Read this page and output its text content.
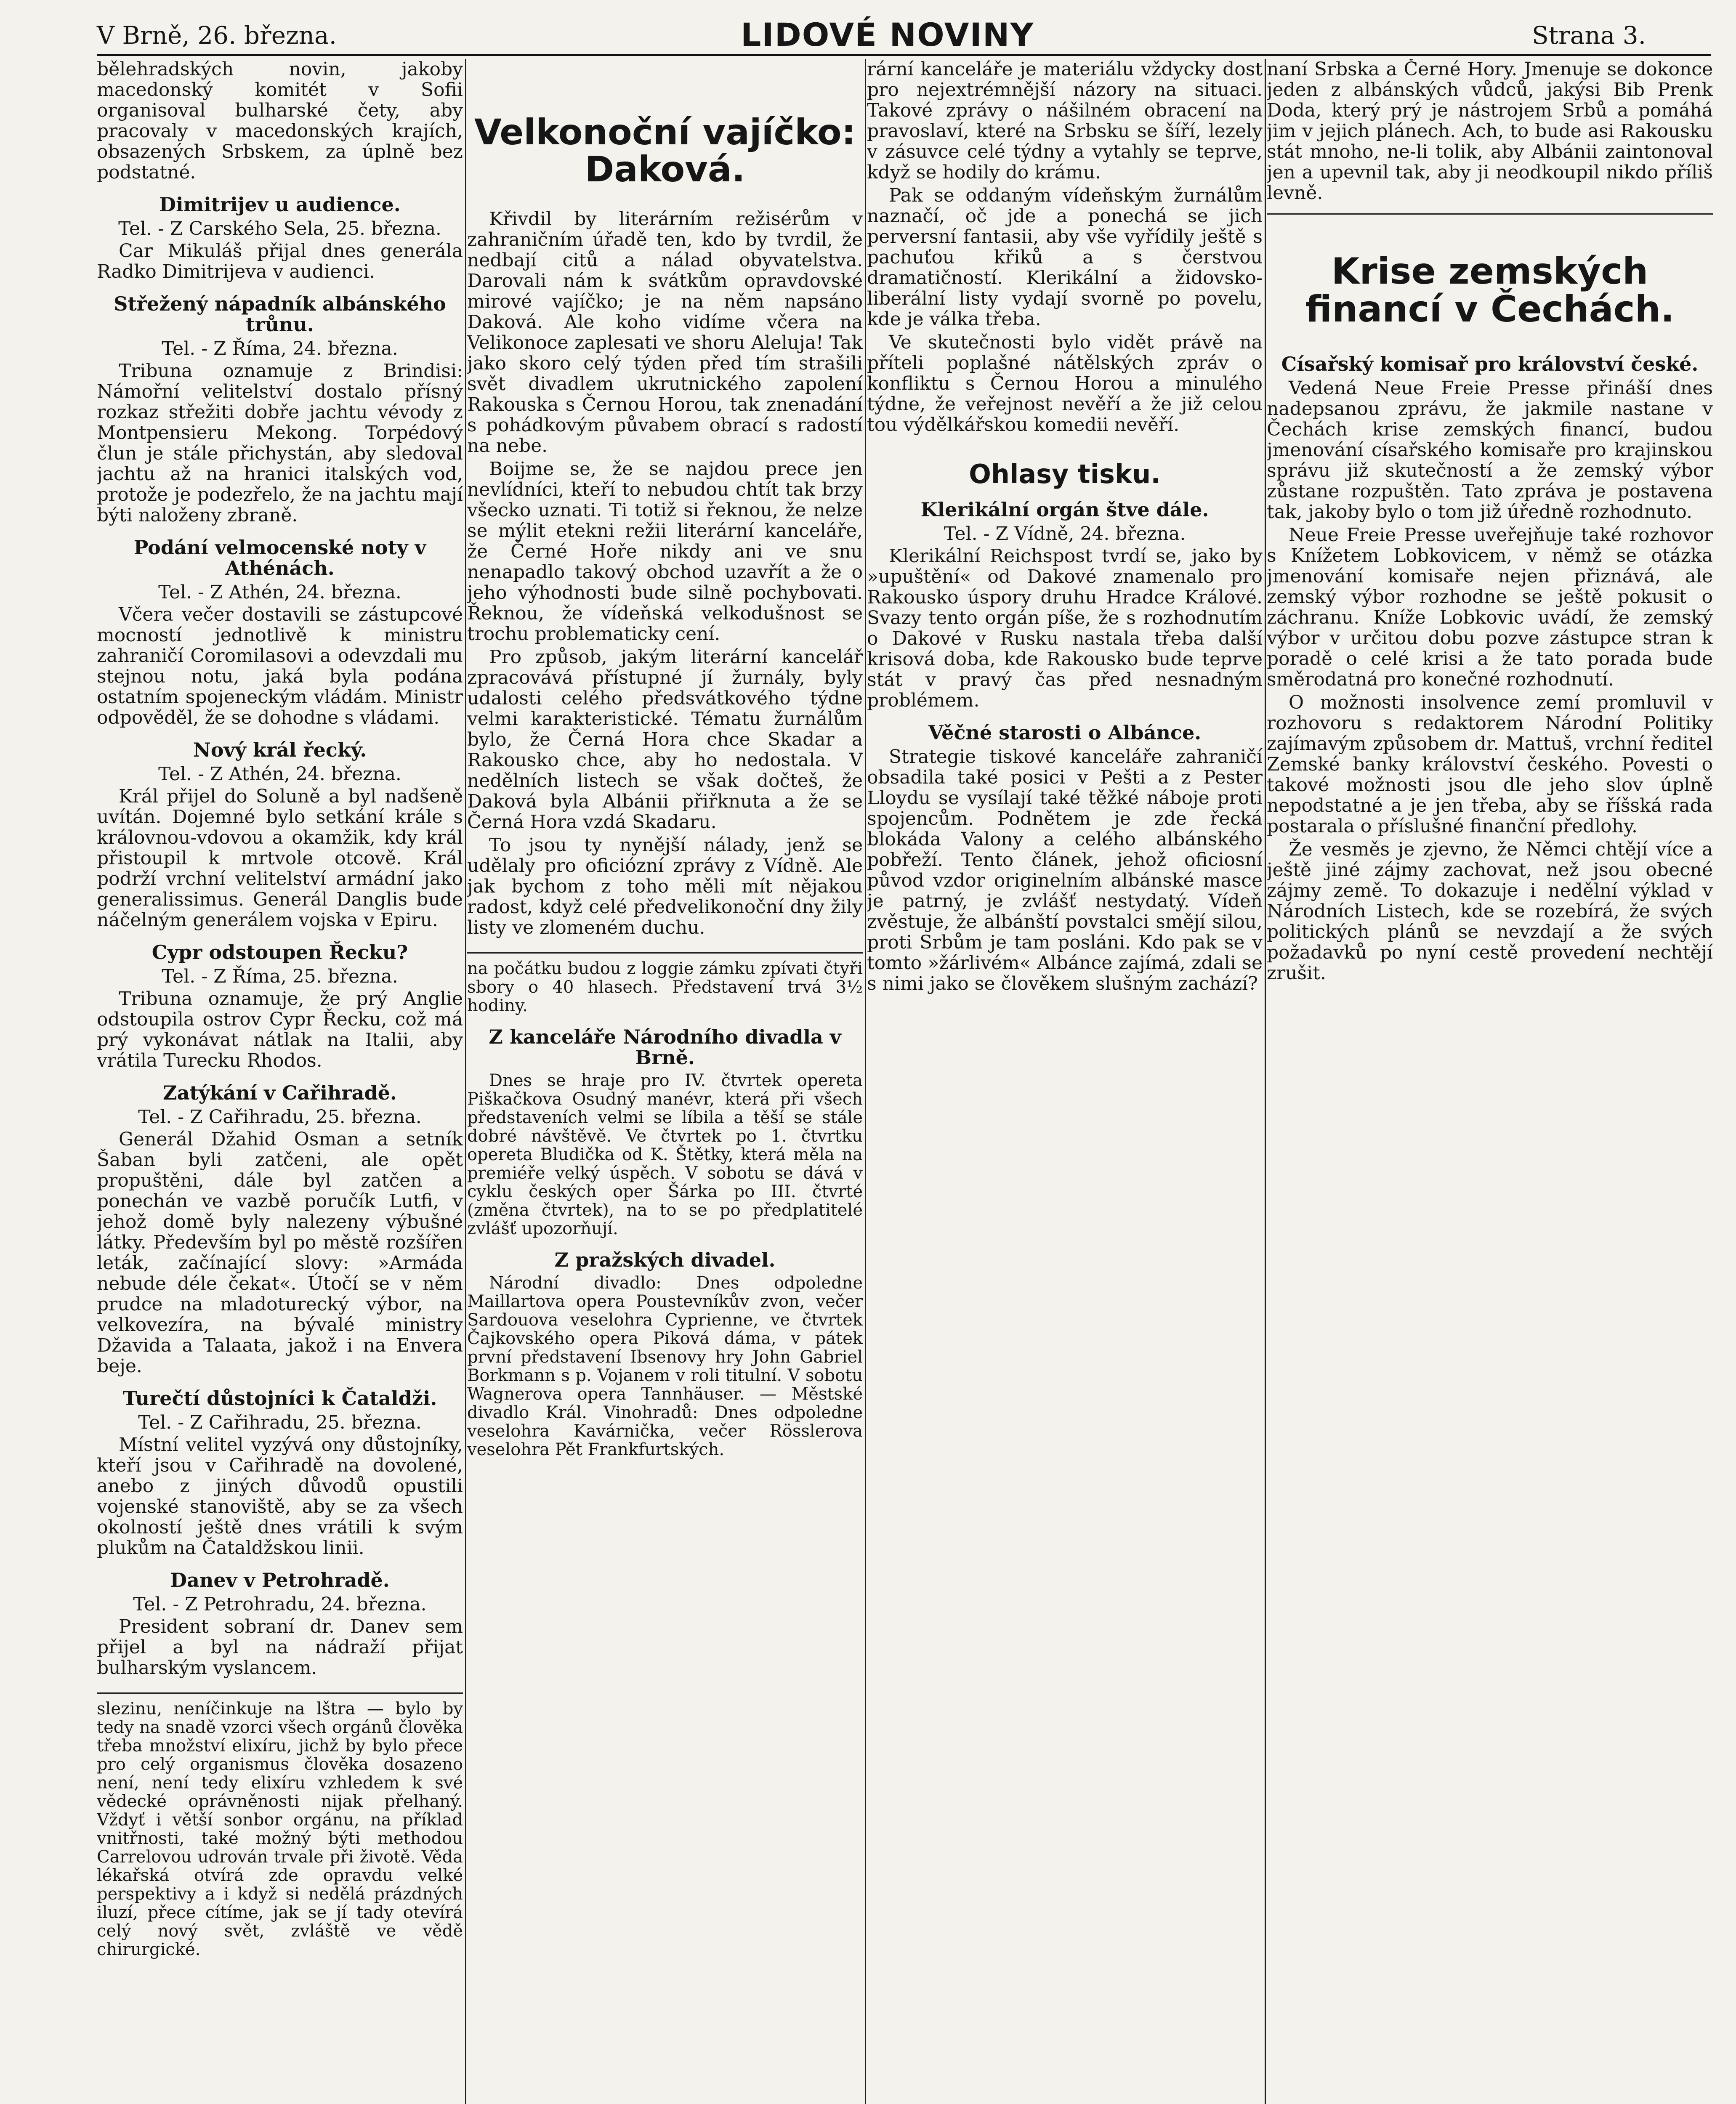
V Brně, 26. března.	LIDOVÉ NOVINY	Strana 3.

bělehradských novin, jakoby macedonský komitét v Sofii organisoval bulharské čety, aby pracovaly v macedonských krajích, obsazených Srbskem, za úplně bez podstatné.

Dimitrijev u audience.

Tel. - Z Carského Sela, 25. března.

Car Mikuláš přijal dnes generála Radko Dimitrijeva v audienci.

Střežený nápadník albánského trůnu.

Tel. - Z Říma, 24. března.

Tribuna oznamuje z Brindisi: Námořní velitelství dostalo přísný rozkaz střežiti dobře jachtu vévody z Montpensieru Mekong. Torpédový člun je stále přichystán, aby sledoval jachtu až na hranici italských vod, protože je podezřelo, že na jachtu mají býti naloženy zbraně.

Podání velmocenské noty v Athénách.

Tel. - Z Athén, 24. března.

Včera večer dostavili se zástupcové mocností jednotlivě k ministru zahraničí Coromilasovi a odevzdali mu stejnou notu, jaká byla podána ostatním spojeneckým vládám. Ministr odpověděl, že se dohodne s vládami.

Nový král řecký.

Tel. - Z Athén, 24. března.

Král přijel do Soluně a byl nadšeně uvítán. Dojemné bylo setkání krále s královnou-vdovou a okamžik, kdy král přistoupil k mrtvole otcově. Král podrží vrchní velitelství armádní jako generalissimus. Generál Danglis bude náčelným generálem vojska v Epiru.

Cypr odstoupen Řecku?

Tel. - Z Říma, 25. března.

Tribuna oznamuje, že prý Anglie odstoupila ostrov Cypr Řecku, což má prý vykonávat nátlak na Italii, aby vrátila Turecku Rhodos.

Zatýkání v Cařihradě.

Tel. - Z Cařihradu, 25. března.

Generál Džahid Osman a setník Šaban byli zatčeni, ale opět propuštěni, dále byl zatčen a ponechán ve vazbě poručík Lutfi, v jehož domě byly nalezeny výbušné látky. Především byl po městě rozšířen leták, začínající slovy: »Armáda nebude déle čekat«. Útočí se v něm prudce na mladoturecký výbor, na velkovezíra, na bývalé ministry Džavida a Talaata, jakož i na Envera beje.

Turečtí důstojníci k Čataldži.

Tel. - Z Cařihradu, 25. března.

Místní velitel vyzývá ony důstojníky, kteří jsou v Cařihradě na dovolené, anebo z jiných důvodů opustili vojenské stanoviště, aby se za všech okolností ještě dnes vrátili k svým plukům na Čataldžskou linii.

Danev v Petrohradě.

Tel. - Z Petrohradu, 24. března.

President sobraní dr. Danev sem přijel a byl na nádraží přijat bulharským vyslancem.

slezinu, neníčinkuje na lštra — bylo by tedy na snadě vzorci všech orgánů člověka třeba množství elixíru, jichž by bylo přece pro celý organismus člověka dosazeno není, není tedy elixíru vzhledem k své vědecké oprávněnosti nijak přelhaný. Vždyť i větší sonbor orgánu, na příklad vnitřnosti, také možný býti methodou Carrelovou udrován trvale při životě. Věda lékařská otvírá zde opravdu velké perspektivy a i když si nedělá prázdných iluzí, přece cítíme, jak se jí tady otevírá celý nový svět, zvláště ve vědě chirurgické.

Velkonoční vajíčko: Daková.

Křivdil by literárním režisérům v zahraničním úřadě ten, kdo by tvrdil, že nedbají citů a nálad obyvatelstva. Darovali nám k svátkům opravdovské mirové vajíčko; je na něm napsáno Daková. Ale koho vidíme včera na Velikonoce zaplesati ve shoru Aleluja! Tak jako skoro celý týden před tím strašili svět divadlem ukrutnického zapolení Rakouska s Černou Horou, tak znenadání s pohádkovým půvabem obrací s radostí na nebe.

Boijme se, že se najdou prece jen nevlídníci, kteří to nebudou chtít tak brzy všecko uznati. Ti totiž si řeknou, že nelze se mýlit etekni režii literární kanceláře, že Černé Hoře nikdy ani ve snu nenapadlo takový obchod uzavřít a že o jeho výhodnosti bude silně pochybovati. Řeknou, že vídeňská velkodušnost se trochu problematicky cení.

Pro způsob, jakým literární kancelář zpracovává přístupné jí žurnály, byly udalosti celého předsvátkového týdne velmi karakteristické. Tématu žurnálům bylo, že Černá Hora chce Skadar a Rakousko chce, aby ho nedostala. V nedělních listech se však dočteš, že Daková byla Albánii přiřknuta a že se Černá Hora vzdá Skadaru.

To jsou ty nynější nálady, jenž se udělaly pro oficiózní zprávy z Vídně. Ale jak bychom z toho měli mít nějakou radost, když celé předvelikonoční dny žily listy ve zlomeném duchu.

na počátku budou z loggie zámku zpívati čtyři sbory o 40 hlasech. Představení trvá 3½ hodiny.

Z kanceláře Národního divadla v Brně.

Dnes se hraje pro IV. čtvrtek opereta Piškačkova Osudný manévr, která při všech představeních velmi se líbila a těší se stále dobré návštěvě. Ve čtvrtek po 1. čtvrtku opereta Bludička od K. Štětky, která měla na premiéře velký úspěch. V sobotu se dává v cyklu českých oper Šárka po III. čtvrté (změna čtvrtek), na to se po předplatitelé zvlášť upozorňují.

Z pražských divadel.

Národní divadlo: Dnes odpoledne Maillartova opera Poustevníkův zvon, večer Sardouova veselohra Cyprienne, ve čtvrtek Čajkovského opera Piková dáma, v pátek první představení Ibsenovy hry John Gabriel Borkmann s p. Vojanem v roli titulní. V sobotu Wagnerova opera Tannhäuser. — Městské divadlo Král. Vinohradů: Dnes odpoledne veselohra Kavárnička, večer Rösslerova veselohra Pět Frankfurtských.

rární kanceláře je materiálu vždycky dost pro nejextrémnější názory na situaci. Takové zprávy o nášilném obracení na pravoslaví, které na Srbsku se šíří, lezely v zásuvce celé týdny a vytahly se teprve, když se hodily do krámu.

Pak se oddaným vídeňským žurnálům naznačí, oč jde a ponechá se jich perversní fantasii, aby vše vyřídily ještě s pachuťou křiků a s čerstvou dramatičností. Klerikální a židovsko-liberální listy vydají svorně po povelu, kde je válka třeba.

Ve skutečnosti bylo vidět právě na příteli poplašné nátělských zpráv o konfliktu s Černou Horou a minulého týdne, že veřejnost nevěří a že již celou tou výdělkářskou komedii nevěří.

Ohlasy tisku.
Klerikální orgán štve dále.

Tel. - Z Vídně, 24. března.

Klerikální Reichspost tvrdí se, jako by »upuštění« od Dakové znamenalo pro Rakousko úspory druhu Hradce Králové. Svazy tento orgán píše, že s rozhodnutím o Dakové v Rusku nastala třeba další krisová doba, kde Rakousko bude teprve stát v pravý čas před nesnadným problémem.

Věčné starosti o Albánce.

Strategie tiskové kanceláře zahraničí obsadila také posici v Pešti a z Pester Lloydu se vysílají také těžké náboje proti spojencům. Podnětem je zde řecká blokáda Valony a celého albánského pobřeží. Tento článek, jehož oficiosní původ vzdor originelním albánské masce je patrný, je zvlášť nestydatý. Vídeň zvěstuje, že albánští povstalci smějí silou, proti Srbům je tam posláni. Kdo pak se v tomto »žárlivém« Albánce zajímá, zdali se s nimi jako se člověkem slušným zachází?

naní Srbska a Černé Hory. Jmenuje se dokonce jeden z albánských vůdců, jakýsi Bib Prenk Doda, který prý je nástrojem Srbů a pomáhá jim v jejich plánech. Ach, to bude asi Rakousku stát mnoho, ne-li tolik, aby Albánii zaintonoval jen a upevnil tak, aby ji neodkoupil nikdo příliš levně.

Krise zemských financí v Čechách.
Císařský komisař pro království české.

Vedená Neue Freie Presse přináší dnes nadepsanou zprávu, že jakmile nastane v Čechách krise zemských financí, budou jmenování císařského komisaře pro krajinskou správu již skutečností a že zemský výbor zůstane rozpuštěn. Tato zpráva je postavena tak, jakoby bylo o tom již úředně rozhodnuto.

Neue Freie Presse uveřejňuje také rozhovor s Knížetem Lobkovicem, v němž se otázka jmenování komisaře nejen přiznává, ale zemský výbor rozhodne se ještě pokusit o záchranu. Kníže Lobkovic uvádí, že zemský výbor v určitou dobu pozve zástupce stran k poradě o celé krisi a že tato porada bude směrodatná pro konečné rozhodnutí.

O možnosti insolvence zemí promluvil v rozhovoru s redaktorem Národní Politiky zajímavým způsobem dr. Mattuš, vrchní ředitel Zemské banky království českého. Povesti o takové možnosti jsou dle jeho slov úplně nepodstatné a je jen třeba, aby se říšská rada postarala o příslušné finanční předlohy.

Že vesměs je zjevno, že Němci chtějí více a ještě jiné zájmy zachovat, než jsou obecné zájmy země. To dokazuje i nedělní výklad v Národních Listech, kde se rozebírá, že svých politických plánů se nevzdají a že svých požadavků po nyní cestě provedení nechtějí zrušit.
